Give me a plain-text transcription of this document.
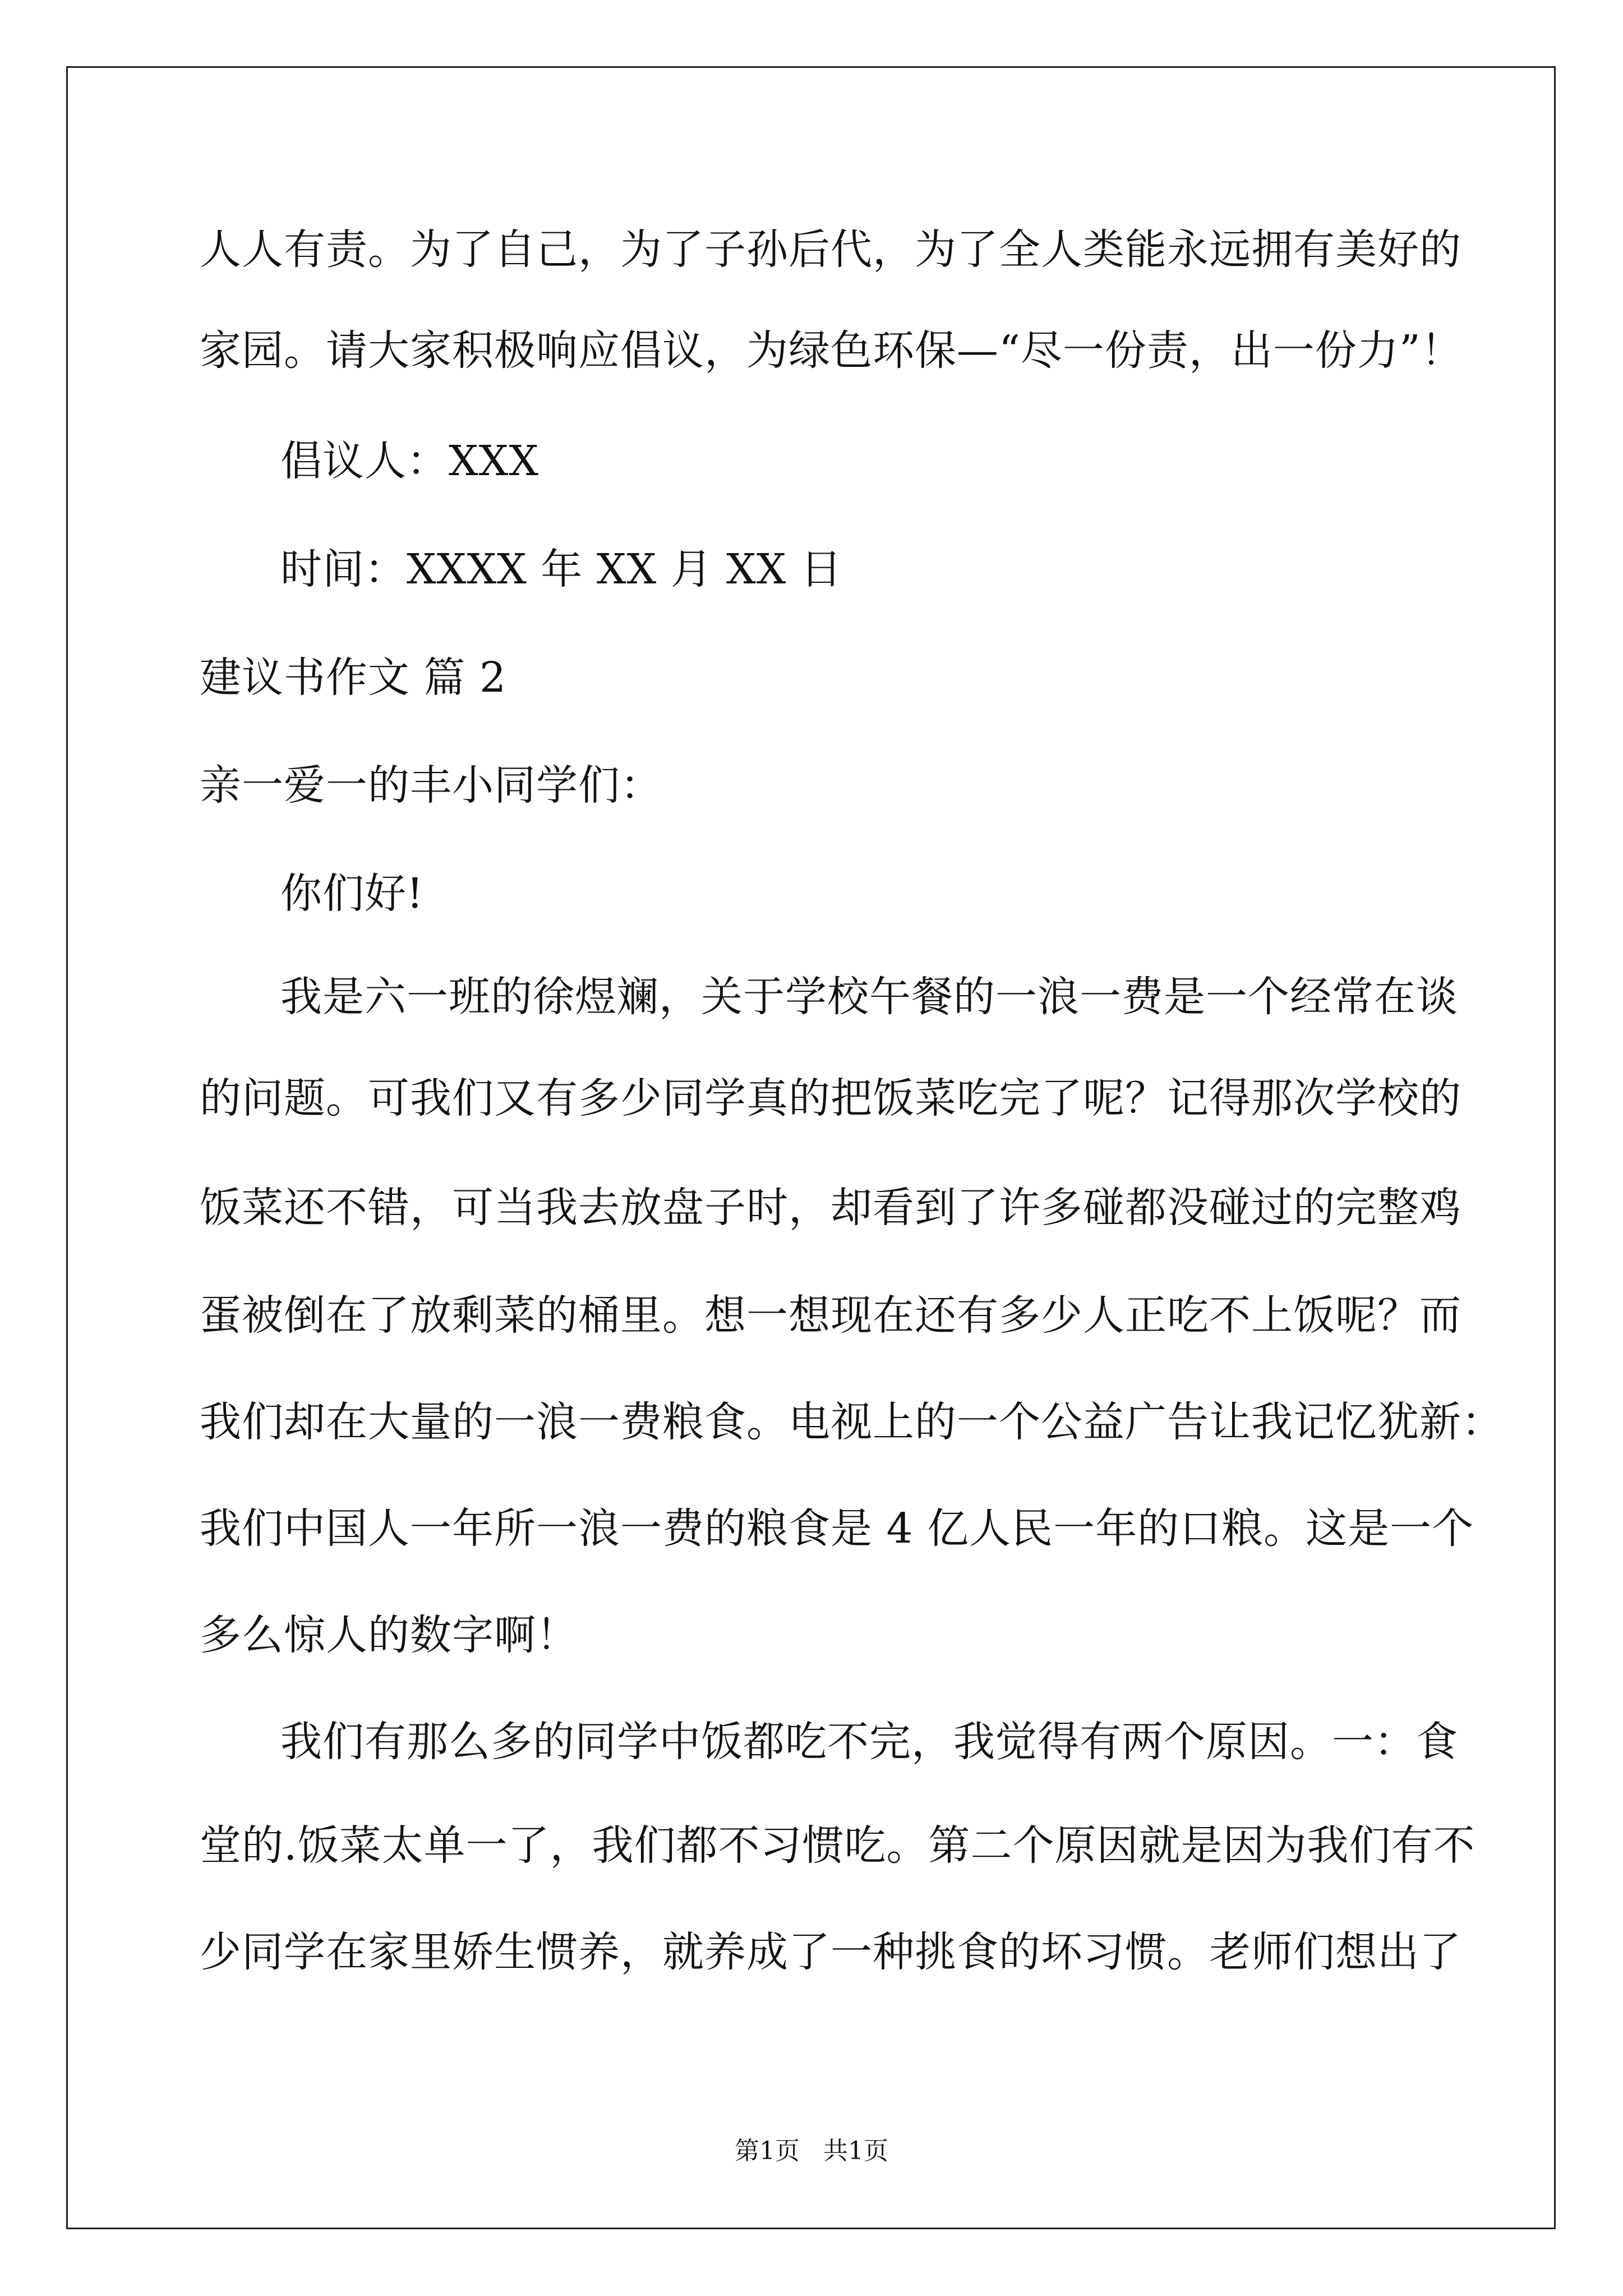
人人有责。为了自己，为了子孙后代，为了全人类能永远拥有美好的
家园。请大家积极响应倡议，为绿色环保—“尽一份责，出一份力”！
倡议人：XXX
时间：XXXX 年 XX 月 XX 日
建议书作文 篇 2
亲一爱一的丰小同学们：
你们好!
我是六一班的徐煜斓，关于学校午餐的一浪一费是一个经常在谈
的问题。可我们又有多少同学真的把饭菜吃完了呢？记得那次学校的
饭菜还不错，可当我去放盘子时，却看到了许多碰都没碰过的完整鸡
蛋被倒在了放剩菜的桶里。想一想现在还有多少人正吃不上饭呢？而
我们却在大量的一浪一费粮食。电视上的一个公益广告让我记忆犹新：
我们中国人一年所一浪一费的粮食是 4 亿人民一年的口粮。这是一个
多么惊人的数字啊！
我们有那么多的同学中饭都吃不完，我觉得有两个原因。一：食
堂的.饭菜太单一了，我们都不习惯吃。第二个原因就是因为我们有不
少同学在家里娇生惯养，就养成了一种挑食的坏习惯。老师们想出了
第1页   共1页
